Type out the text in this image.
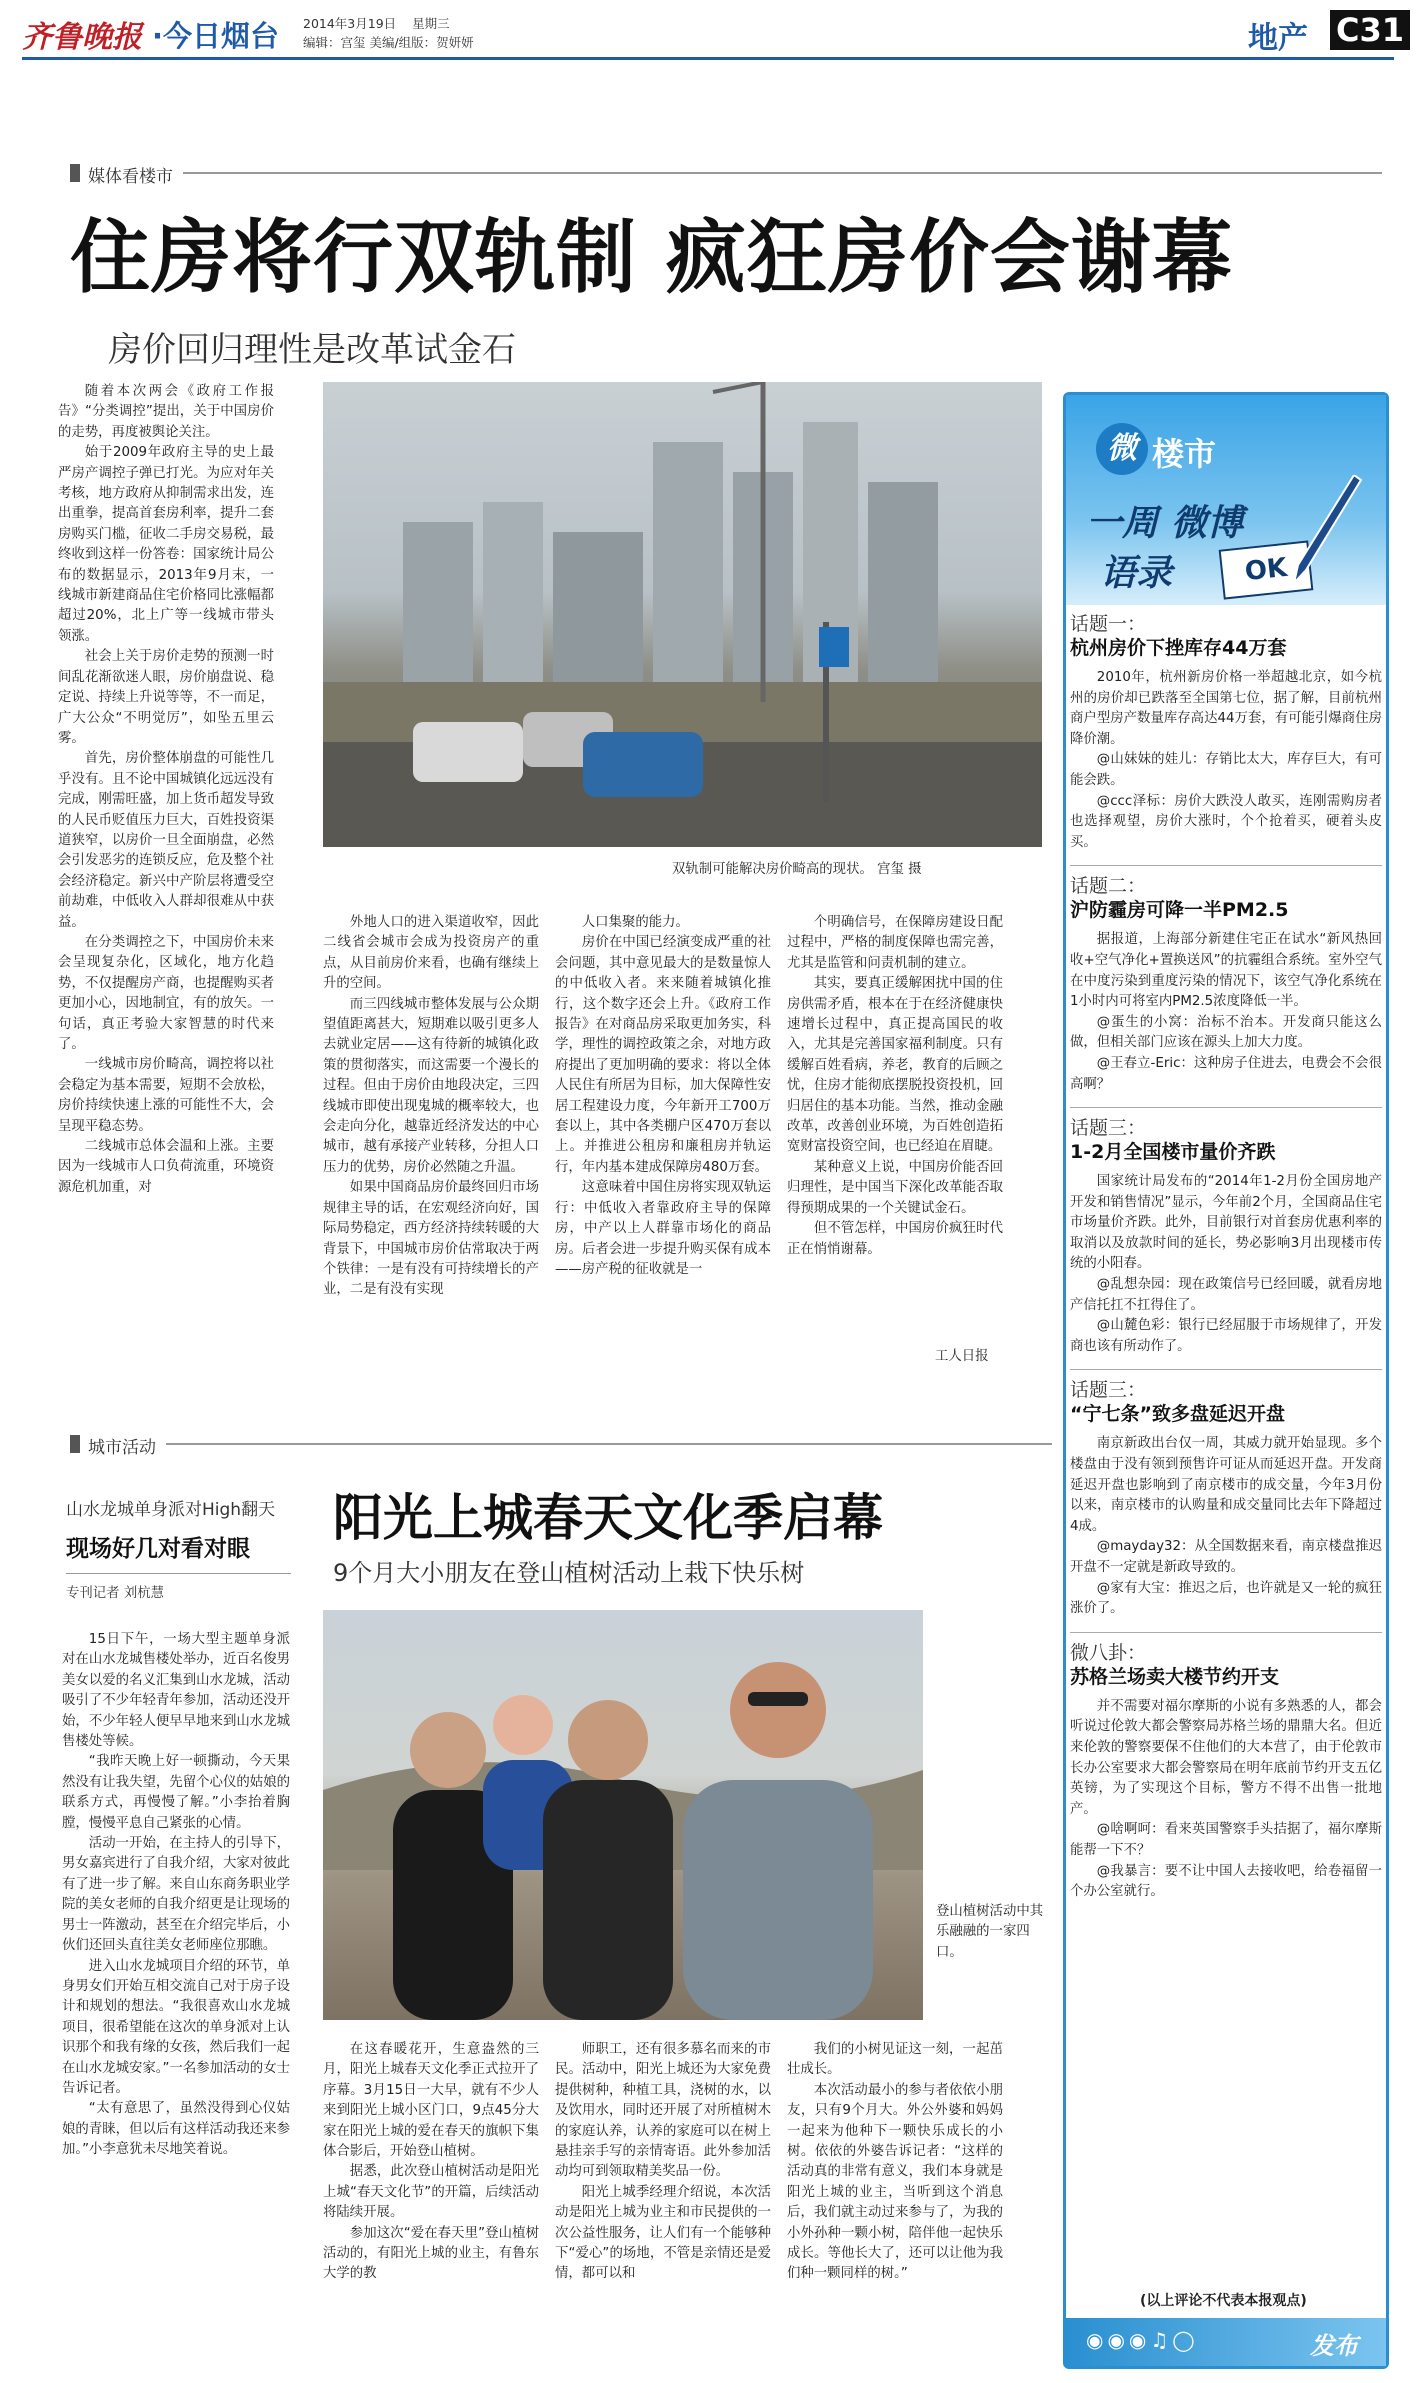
齐鲁晚报 ·今日烟台 2014年3月19日 星期三
编辑：宫玺 美编/组版：贺妍妍	地产 C31
媒体看楼市
住房将行双轨制 疯狂房价会谢幕
房价回归理性是改革试金石

随着本次两会《政府工作报告》“分类调控”提出，关于中国房价的走势，再度被舆论关注。

始于2009年政府主导的史上最严房产调控子弹已打光。为应对年关考核，地方政府从抑制需求出发，连出重拳，提高首套房利率，提升二套房购买门槛，征收二手房交易税，最终收到这样一份答卷：国家统计局公布的数据显示，2013年9月末，一线城市新建商品住宅价格同比涨幅都超过20%，北上广等一线城市带头领涨。

社会上关于房价走势的预测一时间乱花渐欲迷人眼，房价崩盘说、稳定说、持续上升说等等，不一而足，广大公众“不明觉厉”，如坠五里云雾。

首先，房价整体崩盘的可能性几乎没有。且不论中国城镇化远远没有完成，刚需旺盛，加上货币超发导致的人民币贬值压力巨大，百姓投资渠道狭窄，以房价一旦全面崩盘，必然会引发恶劣的连锁反应，危及整个社会经济稳定。新兴中产阶层将遭受空前劫难，中低收入人群却很难从中获益。

在分类调控之下，中国房价未来会呈现复杂化，区域化，地方化趋势，不仅提醒房产商，也提醒购买者更加小心，因地制宜，有的放矢。一句话，真正考验大家智慧的时代来了。

一线城市房价畸高，调控将以社会稳定为基本需要，短期不会放松，房价持续快速上涨的可能性不大，会呈现平稳态势。

二线城市总体会温和上涨。主要因为一线城市人口负荷流重，环境资源危机加重，对

双轨制可能解决房价畸高的现状。 宫玺 摄

外地人口的进入渠道收窄，因此二线省会城市会成为投资房产的重点，从目前房价来看，也确有继续上升的空间。

而三四线城市整体发展与公众期望值距离甚大，短期难以吸引更多人去就业定居——这有待新的城镇化政策的贯彻落实，而这需要一个漫长的过程。但由于房价由地段决定，三四线城市即使出现鬼城的概率较大，也会走向分化，越靠近经济发达的中心城市，越有承接产业转移，分担人口压力的优势，房价必然随之升温。

如果中国商品房价最终回归市场规律主导的话，在宏观经济向好，国际局势稳定，西方经济持续转暖的大背景下，中国城市房价估常取决于两个铁律：一是有没有可持续增长的产业，二是有没有实现

人口集聚的能力。

房价在中国已经演变成严重的社会问题，其中意见最大的是数量惊人的中低收入者。来来随着城镇化推行，这个数字还会上升。《政府工作报告》在对商品房采取更加务实，科学，理性的调控政策之余，对地方政府提出了更加明确的要求：将以全体人民住有所居为目标，加大保障性安居工程建设力度，今年新开工700万套以上，其中各类棚户区470万套以上。并推进公租房和廉租房并轨运行，年内基本建成保障房480万套。

这意味着中国住房将实现双轨运行：中低收入者靠政府主导的保障房，中产以上人群靠市场化的商品房。后者会进一步提升购买保有成本——房产税的征收就是一

个明确信号，在保障房建设日配过程中，严格的制度保障也需完善，尤其是监管和问责机制的建立。

其实，要真正缓解困扰中国的住房供需矛盾，根本在于在经济健康快速增长过程中，真正提高国民的收入，尤其是完善国家福利制度。只有缓解百姓看病，养老，教育的后顾之忧，住房才能彻底摆脱投资投机，回归居住的基本功能。当然，推动金融改革，改善创业环境，为百姓创造拓宽财富投资空间，也已经迫在眉睫。

某种意义上说，中国房价能否回归理性，是中国当下深化改革能否取得预期成果的一个关键试金石。

但不管怎样，中国房价疯狂时代正在悄悄谢幕。

工人日报
城市活动
山水龙城单身派对High翻天
现场好几对看对眼
专刊记者 刘杭慧

15日下午，一场大型主题单身派对在山水龙城售楼处举办，近百名俊男美女以爱的名义汇集到山水龙城，活动吸引了不少年轻青年参加，活动还没开始，不少年轻人便早早地来到山水龙城售楼处等候。

“我昨天晚上好一顿撕动，今天果然没有让我失望，先留个心仪的姑娘的联系方式，再慢慢了解。”小李抬着胸膛，慢慢平息自己紧张的心情。

活动一开始，在主持人的引导下，男女嘉宾进行了自我介绍，大家对彼此有了进一步了解。来自山东商务职业学院的美女老师的自我介绍更是让现场的男士一阵激动，甚至在介绍完毕后，小伙们还回头直往美女老师座位那瞧。

进入山水龙城项目介绍的环节，单身男女们开始互相交流自己对于房子设计和规划的想法。“我很喜欢山水龙城项目，很希望能在这次的单身派对上认识那个和我有缘的女孩，然后我们一起在山水龙城安家。”一名参加活动的女士告诉记者。

“太有意思了，虽然没得到心仪姑娘的青睐，但以后有这样活动我还来参加。”小李意犹未尽地笑着说。

阳光上城春天文化季启幕
9个月大小朋友在登山植树活动上栽下快乐树
登山植树活动中其乐融融的一家四口。

在这春暖花开，生意盎然的三月，阳光上城春天文化季正式拉开了序幕。3月15日一大早，就有不少人来到阳光上城小区门口，9点45分大家在阳光上城的爱在春天的旗帜下集体合影后，开始登山植树。

据悉，此次登山植树活动是阳光上城“春天文化节”的开篇，后续活动将陆续开展。

参加这次“爱在春天里”登山植树活动的，有阳光上城的业主，有鲁东大学的教

师职工，还有很多慕名而来的市民。活动中，阳光上城还为大家免费提供树种，种植工具，浇树的水，以及饮用水，同时还开展了对所植树木的家庭认养，认养的家庭可以在树上悬挂亲手写的亲情寄语。此外参加活动均可到领取精美奖品一份。

阳光上城季经理介绍说，本次活动是阳光上城为业主和市民提供的一次公益性服务，让人们有一个能够种下“爱心”的场地，不管是亲情还是爱情，都可以和

我们的小树见证这一刻，一起茁壮成长。

本次活动最小的参与者依依小朋友，只有9个月大。外公外婆和妈妈一起来为他种下一颗快乐成长的小树。依依的外婆告诉记者：“这样的活动真的非常有意义，我们本身就是阳光上城的业主，当听到这个消息后，我们就主动过来参与了，为我的小外孙种一颗小树，陪伴他一起快乐成长。等他长大了，还可以让他为我们种一颗同样的树。”

微 楼市
一周 微博
语录	OK
话题一：
杭州房价下挫库存44万套

2010年，杭州新房价格一举超越北京，如今杭州的房价却已跌落至全国第七位，据了解，目前杭州商户型房产数量库存高达44万套，有可能引爆商住房降价潮。

@山妹妹的娃儿：存销比太大，库存巨大，有可能会跌。

@ccc泽标：房价大跌没人敢买，连刚需购房者也选择观望，房价大涨时，个个抢着买，硬着头皮买。

话题二：
沪防霾房可降一半PM2.5

据报道，上海部分新建住宅正在试水“新风热回收+空气净化+置换送风”的抗霾组合系统。室外空气在中度污染到重度污染的情况下，该空气净化系统在1小时内可将室内PM2.5浓度降低一半。

@蛋生的小窝：治标不治本。开发商只能这么做，但相关部门应该在源头上加大力度。

@王春立-Eric：这种房子住进去，电费会不会很高啊？

话题三：
1-2月全国楼市量价齐跌

国家统计局发布的“2014年1-2月份全国房地产开发和销售情况”显示，今年前2个月，全国商品住宅市场量价齐跌。此外，目前银行对首套房优惠利率的取消以及放款时间的延长，势必影响3月出现楼市传统的小阳春。

@乱想杂园：现在政策信号已经回暖，就看房地产信托扛不扛得住了。

@山麓色彩：银行已经屈服于市场规律了，开发商也该有所动作了。

话题三：
“宁七条”致多盘延迟开盘

南京新政出台仅一周，其威力就开始显现。多个楼盘由于没有领到预售许可证从而延迟开盘。开发商延迟开盘也影响到了南京楼市的成交量，今年3月份以来，南京楼市的认购量和成交量同比去年下降超过4成。

@mayday32：从全国数据来看，南京楼盘推迟开盘不一定就是新政导致的。

@家有大宝：推迟之后，也许就是又一轮的疯狂涨价了。

微八卦：
苏格兰场卖大楼节约开支

并不需要对福尔摩斯的小说有多熟悉的人，都会听说过伦敦大都会警察局苏格兰场的鼎鼎大名。但近来伦敦的警察要保不住他们的大本营了，由于伦敦市长办公室要求大都会警察局在明年底前节约开支五亿英镑，为了实现这个目标，警方不得不出售一批地产。

@啥啊呵：看来英国警察手头拮据了，福尔摩斯能帮一下不？

@我暴言：要不让中国人去接收吧，给卷福留一个办公室就行。

(以上评论不代表本报观点)
◉◉◉♫◯	发布
